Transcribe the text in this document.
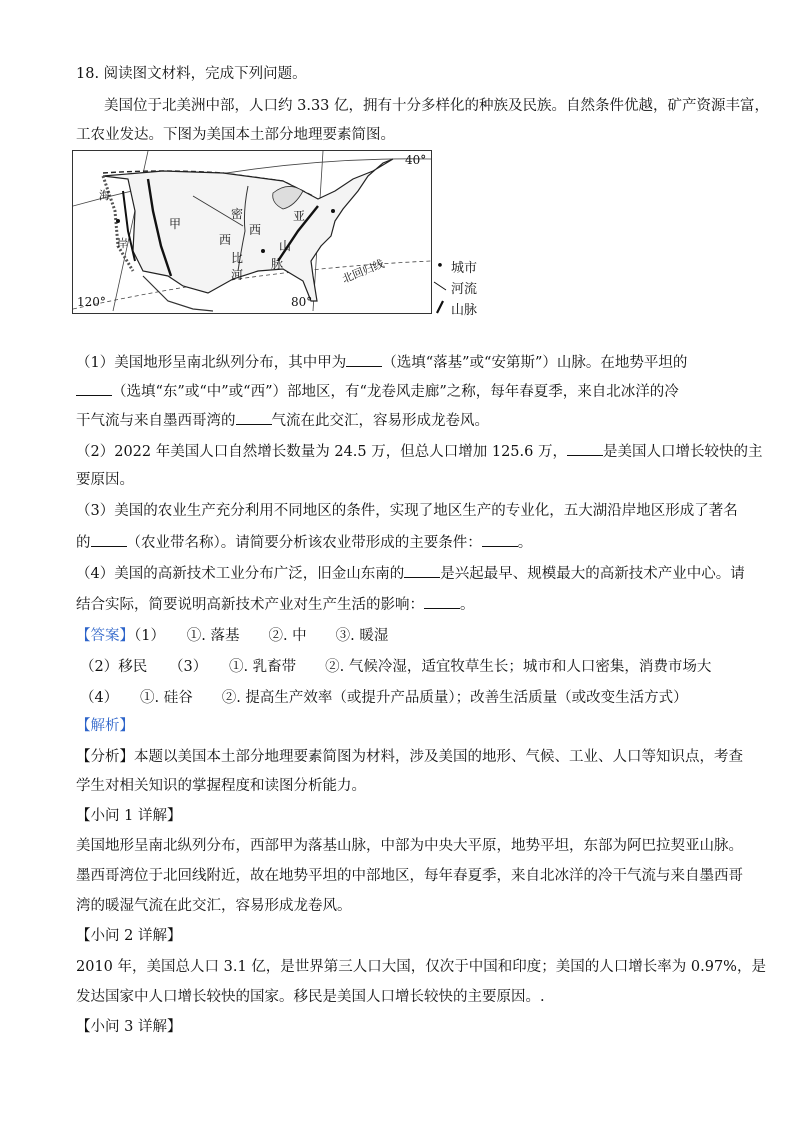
18. 阅读图文材料，完成下列问题。
美国位于北美洲中部，人口约 3.33 亿，拥有十分多样化的种族及民族。自然条件优越，矿产资源丰富，
工农业发达。下图为美国本土部分地理要素简图。
40°
120°	80°
北回归线
甲
密
西
西
比
河
亚
山
脉
海
岸
• 城市
河流
山脉
（1）美国地形呈南北纵列分布，其中甲为 （选填“落基”或“安第斯”）山脉。在地势平坦的
（选填“东”或“中”或“西”）部地区，有“龙卷风走廊”之称，每年春夏季，来自北冰洋的冷
干气流与来自墨西哥湾的 气流在此交汇，容易形成龙卷风。
（2）2022 年美国人口自然增长数量为 24.5 万，但总人口增加 125.6 万， 是美国人口增长较快的主
要原因。
（3）美国的农业生产充分利用不同地区的条件，实现了地区生产的专业化，五大湖沿岸地区形成了著名
的 （农业带名称）。请简要分析该农业带形成的主要条件： 。
（4）美国的高新技术工业分布广泛，旧金山东南的 是兴起最早、规模最大的高新技术产业中心。请
结合实际，简要说明高新技术产业对生产生活的影响： 。
【答案】（1）　　①. 落基　　②. 中　　③. 暖湿
（2）移民　　（3）　　①. 乳畜带　　②. 气候冷湿，适宜牧草生长；城市和人口密集，消费市场大
（4）　　①. 硅谷　　②. 提高生产效率（或提升产品质量）；改善生活质量（或改变生活方式）
【解析】
【分析】本题以美国本土部分地理要素简图为材料，涉及美国的地形、气候、工业、人口等知识点，考查
学生对相关知识的掌握程度和读图分析能力。
【小问 1 详解】
美国地形呈南北纵列分布，西部甲为落基山脉，中部为中央大平原，地势平坦，东部为阿巴拉契亚山脉。
墨西哥湾位于北回线附近，故在地势平坦的中部地区，每年春夏季，来自北冰洋的冷干气流与来自墨西哥
湾的暖湿气流在此交汇，容易形成龙卷风。
【小问 2 详解】
2010 年，美国总人口 3.1 亿，是世界第三人口大国，仅次于中国和印度；美国的人口增长率为 0.97%，是
发达国家中人口增长较快的国家。移民是美国人口增长较快的主要原因。.
【小问 3 详解】
